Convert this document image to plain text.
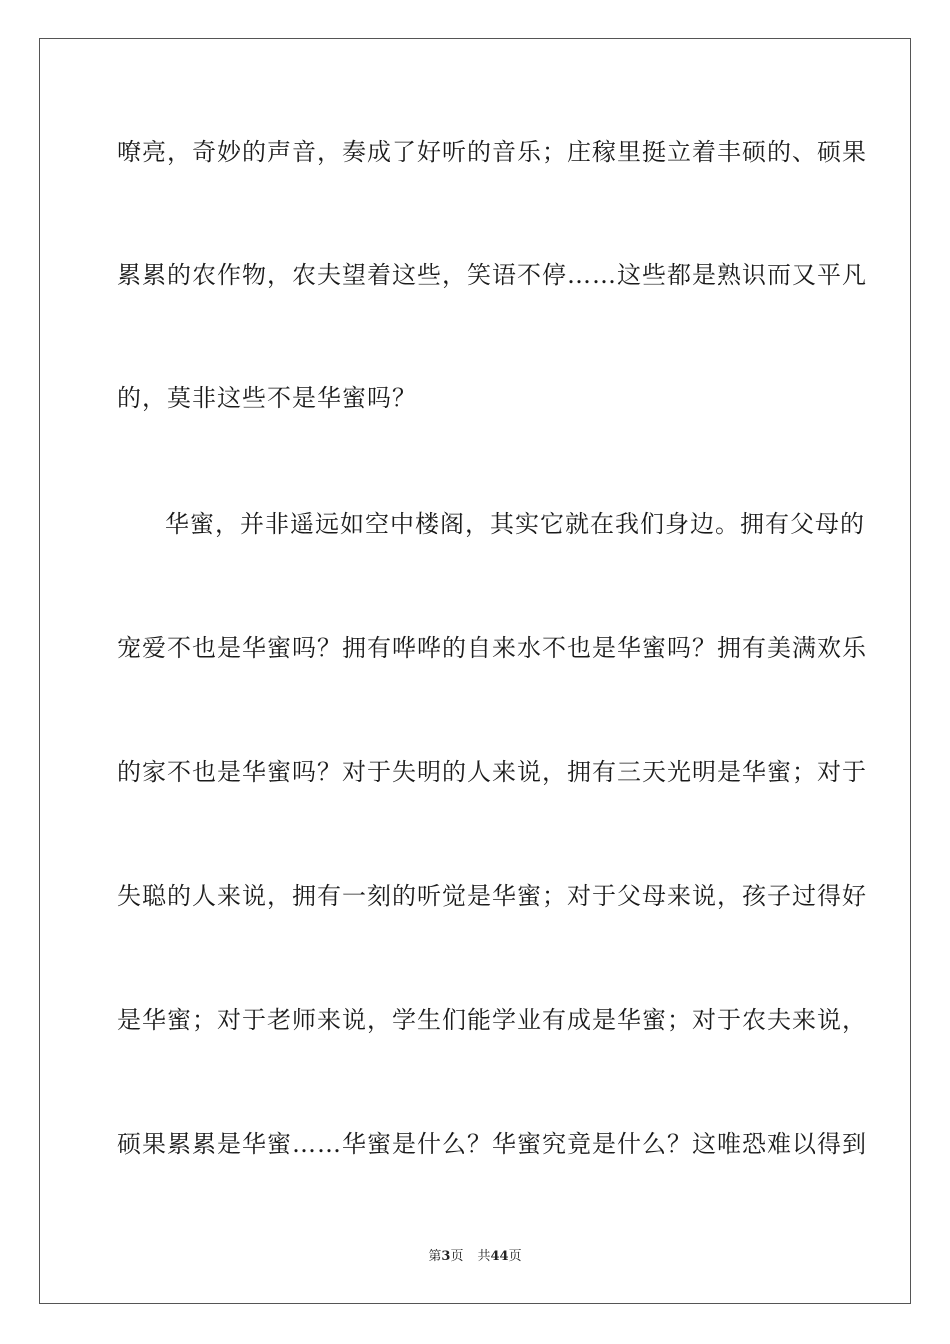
嘹亮，奇妙的声音，奏成了好听的音乐；庄稼里挺立着丰硕的、硕果
累累的农作物，农夫望着这些，笑语不停……这些都是熟识而又平凡
的，莫非这些不是华蜜吗？
华蜜，并非遥远如空中楼阁，其实它就在我们身边。拥有父母的
宠爱不也是华蜜吗？拥有哗哗的自来水不也是华蜜吗？拥有美满欢乐
的家不也是华蜜吗？对于失明的人来说，拥有三天光明是华蜜；对于
失聪的人来说，拥有一刻的听觉是华蜜；对于父母来说，孩子过得好
是华蜜；对于老师来说，学生们能学业有成是华蜜；对于农夫来说，
硕果累累是华蜜……华蜜是什么？华蜜究竟是什么？这唯恐难以得到
第3页 共44页
